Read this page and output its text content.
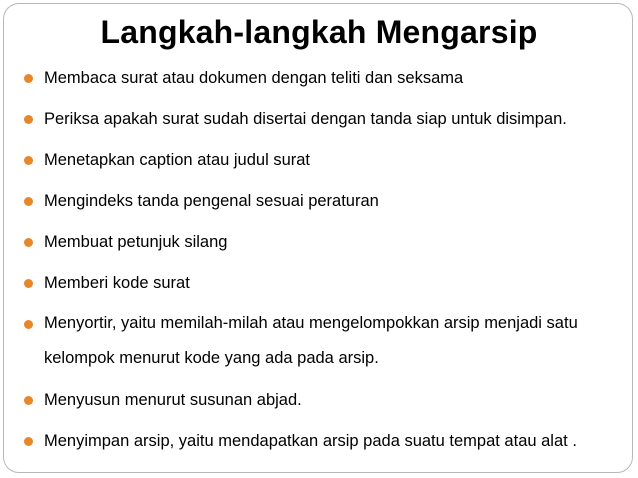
Langkah-langkah Mengarsip
Membaca surat atau dokumen dengan teliti dan seksama
Periksa apakah surat sudah disertai dengan tanda siap untuk disimpan.
Menetapkan caption atau judul surat
Mengindeks tanda pengenal sesuai peraturan
Membuat petunjuk silang
Memberi kode surat
Menyortir, yaitu memilah-milah atau mengelompokkan arsip menjadi satu kelompok menurut kode yang ada pada arsip.
Menyusun menurut susunan abjad.
Menyimpan arsip, yaitu mendapatkan arsip pada suatu tempat atau alat .
